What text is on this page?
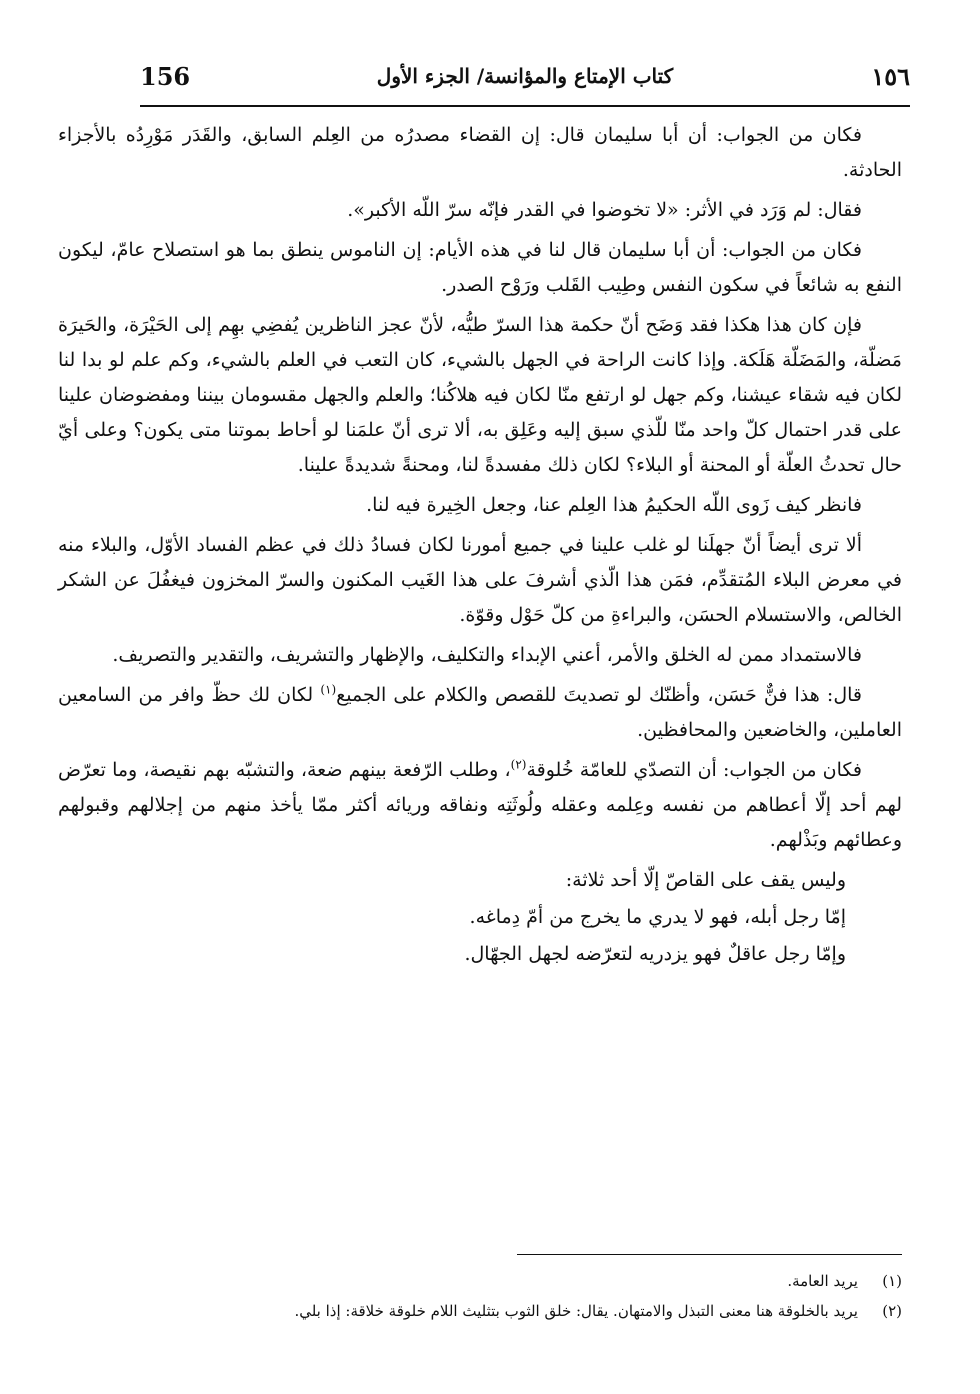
156	كتاب الإمتاع والمؤانسة/ الجزء الأول	١٥٦

فكان من الجواب: أن أبا سليمان قال: إن القضاء مصدرُه من العِلم السابق، والقَدَر مَوْرِدُه بالأجزاء الحادثة.

فقال: لم وَرَد في الأثر: «لا تخوضوا في القدر فإنّه سرّ اللّه الأكبر».

فكان من الجواب: أن أبا سليمان قال لنا في هذه الأيام: إن الناموس ينطق بما هو استصلاح عامّ، ليكون النفع به شائعاً في سكون النفس وطِيب القَلب ورَوْح الصدر.

فإن كان هذا هكذا فقد وَضَح أنّ حكمة هذا السرّ طيُّه، لأنّ عجز الناظرين يُفضِي بهِم إلى الحَيْرَة، والحَيرَة مَضلّة، والمَضَلّة هَلَكة. وإذا كانت الراحة في الجهل بالشيء، كان التعب في العلم بالشيء، وكم علم لو بدا لنا لكان فيه شقاء عيشنا، وكم جهل لو ارتفع منّا لكان فيه هلاكُنا؛ والعلم والجهل مقسومان بيننا ومفضوضان علينا على قدر احتمال كلّ واحد منّا للّذي سبق إليه وعَلِق به، ألا ترى أنّ علمَنا لو أحاط بموتنا متى يكون؟ وعلى أيّ حال تحدثُ العلّة أو المحنة أو البلاء؟ لكان ذلك مفسدةً لنا، ومحنةً شديدةً علينا.

فانظر كيف زَوى اللّه الحكيمُ هذا العِلم عنا، وجعل الخِيرة فيه لنا.

ألا ترى أيضاً أنّ جهلَنا لو غلب علينا في جميع أمورنا لكان فسادُ ذلك في عظم الفساد الأوّل، والبلاء منه في معرض البلاء المُتقدِّم، فمَن هذا الّذي أشرفَ على هذا الغَيب المكنون والسرّ المخزون فيغفُلَ عن الشكر الخالص، والاستسلام الحسَن، والبراءةِ من كلّ حَوْل وقوّة.

فالاستمداد ممن له الخلق والأمر، أعني الإبداء والتكليف، والإظهار والتشريف، والتقدير والتصريف.

قال: هذا فنٌّ حَسَن، وأظنّك لو تصديتَ للقصص والكلام على الجميع$^{(١)}$ لكان لك حظّ وافر من السامعين العاملين، والخاضعين والمحافظين.

فكان من الجواب: أن التصدّي للعامّة خُلوقة$^{(٢)}$، وطلب الرّفعة بينهم ضعة، والتشبّه بهم نقيصة، وما تعرّض لهم أحد إلّا أعطاهم من نفسه وعِلمه وعقله ولُوثَتِه ونفاقه وريائه أكثر ممّا يأخذ منهم من إجلالهم وقبولهم وعطائهم وبَذْلهم.

وليس يقف على القاصّ إلّا أحد ثلاثة:

إمّا رجل أبله، فهو لا يدري ما يخرج من أمّ دِماغه.

وإمّا رجل عاقلٌ فهو يزدريه لتعرّضه لجهل الجهّال.

(١)يريد العامة.
(٢)يريد بالخلوقة هنا معنى التبذل والامتهان. يقال: خلق الثوب بتثليث اللام خلوقة خلاقة: إذا بلي.
